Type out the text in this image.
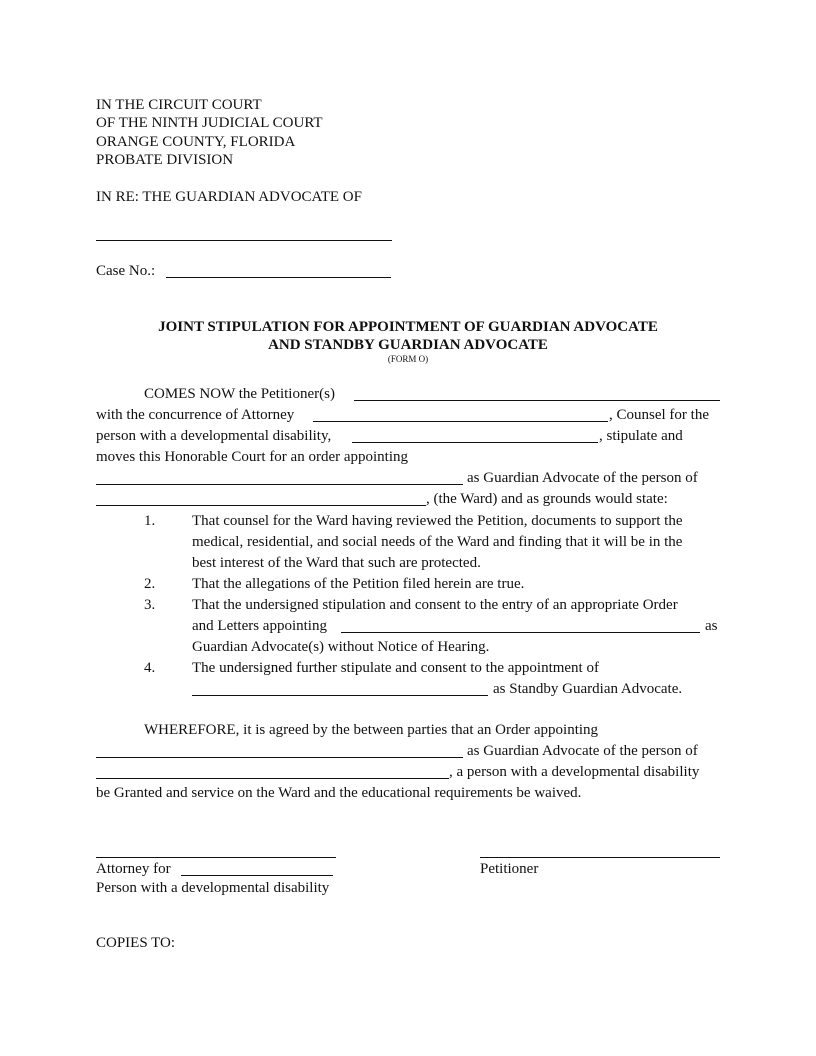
IN THE CIRCUIT COURT
OF THE NINTH JUDICIAL COURT
ORANGE COUNTY, FLORIDA
PROBATE DIVISION
IN RE: THE GUARDIAN ADVOCATE OF
Case No.:
JOINT STIPULATION FOR APPOINTMENT OF GUARDIAN ADVOCATE
AND STANDBY GUARDIAN ADVOCATE
(FORM O)
COMES NOW the Petitioner(s)
with the concurrence of Attorney	, Counsel for the
person with a developmental disability,	, stipulate and
moves this Honorable Court for an order appointing
as Guardian Advocate of the person of
, (the Ward) and as grounds would state:
1. That counsel for the Ward having reviewed the Petition, documents to support the
medical, residential, and social needs of the Ward and finding that it will be in the
best interest of the Ward that such are protected.
2. That the allegations of the Petition filed herein are true.
3. That the undersigned stipulation and consent to the entry of an appropriate Order
and Letters appointing	as
Guardian Advocate(s) without Notice of Hearing.
4. The undersigned further stipulate and consent to the appointment of
as Standby Guardian Advocate.
WHEREFORE, it is agreed by the between parties that an Order appointing
as Guardian Advocate of the person of
, a person with a developmental disability
be Granted and service on the Ward and the educational requirements be waived.
Attorney for	Petitioner
Person with a developmental disability
COPIES TO:
